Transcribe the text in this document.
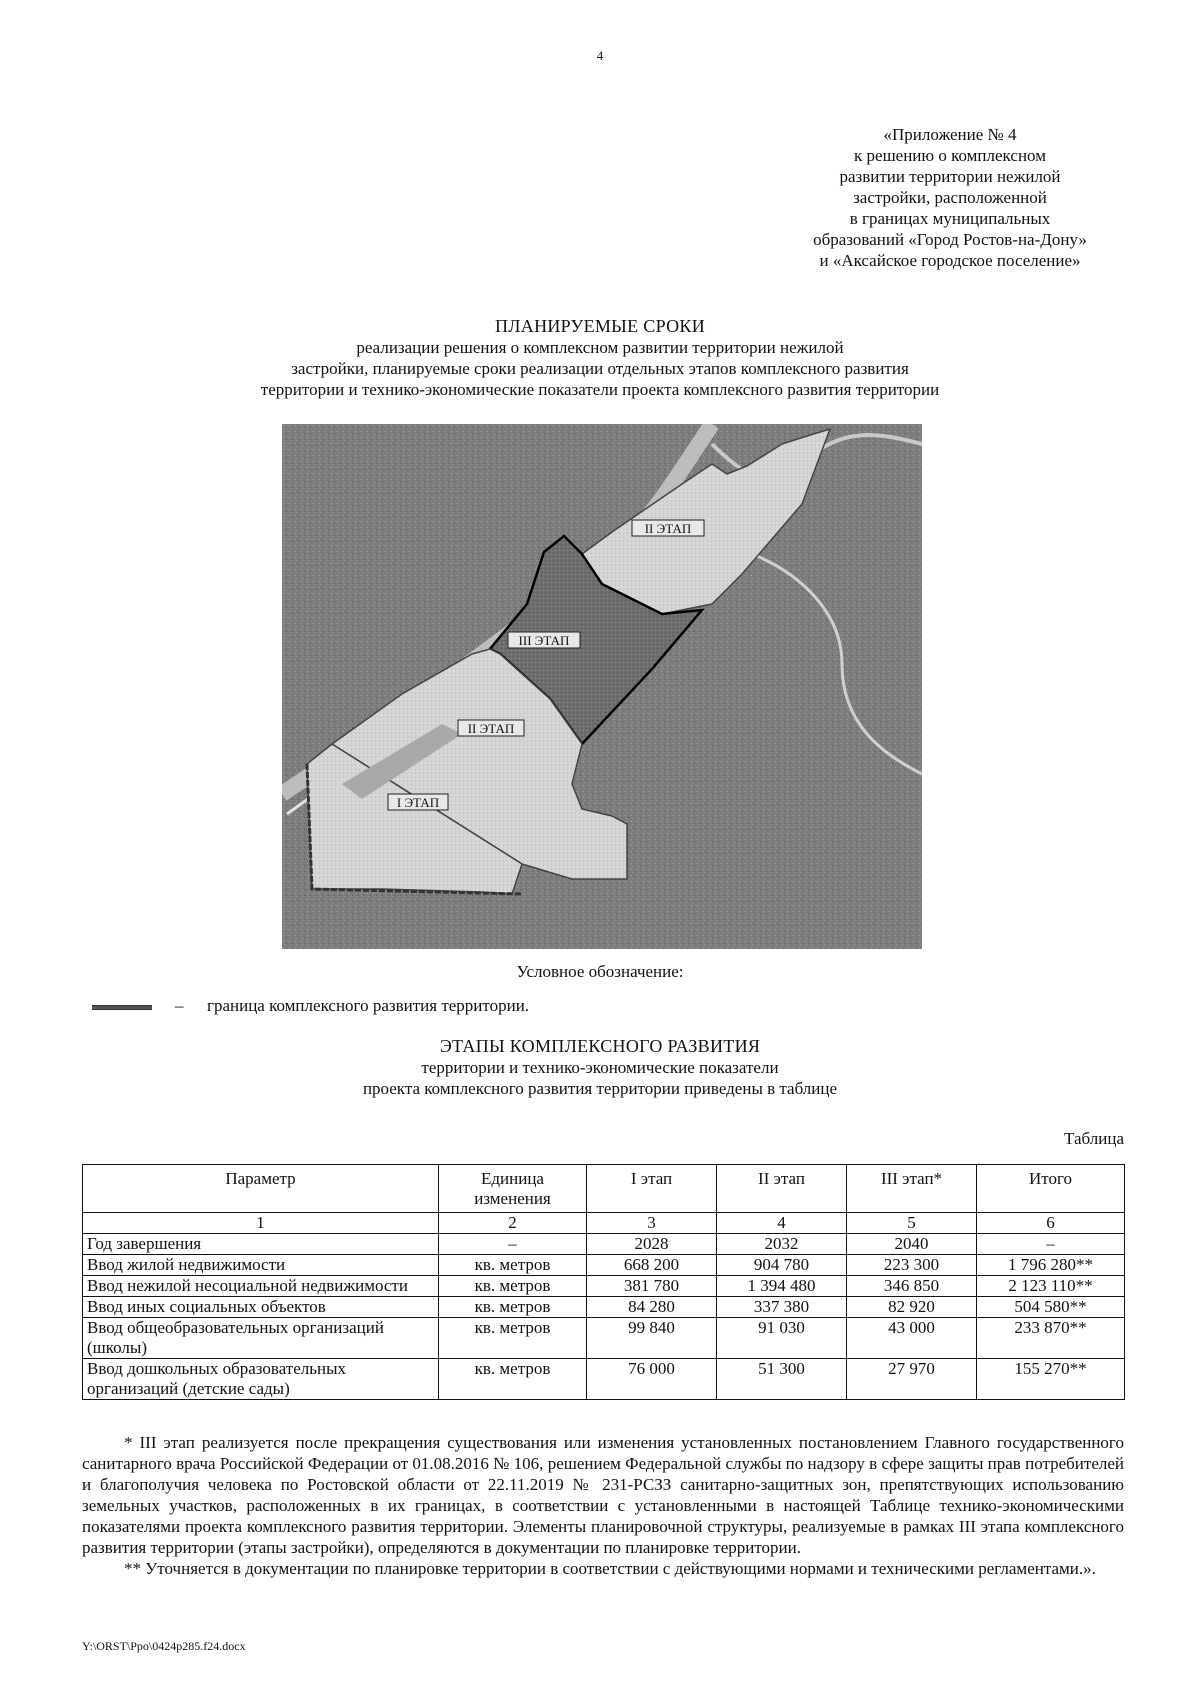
4
«Приложение № 4
к решению о комплексном
развитии территории нежилой
застройки, расположенной
в границах муниципальных
образований «Город Ростов-на-Дону»
и «Аксайское городское поселение»
ПЛАНИРУЕМЫЕ СРОКИ
реализации решения о комплексном развитии территории нежилой
застройки, планируемые сроки реализации отдельных этапов комплексного развития
территории и технико-экономические показатели проекта комплексного развития территории
II ЭТАП
III ЭТАП
II ЭТАП
I ЭТАП
Условное обозначение:
– граница комплексного развития территории.
ЭТАПЫ КОМПЛЕКСНОГО РАЗВИТИЯ
территории и технико-экономические показатели
проекта комплексного развития территории приведены в таблице
Таблица
Параметр	Единица изменения	I этап	II этап	III этап*	Итого
1	2	3	4	5	6
Год завершения	–	2028	2032	2040	–
Ввод жилой недвижимости	кв. метров	668 200	904 780	223 300	1 796 280**
Ввод нежилой несоциальной недвижимости	кв. метров	381 780	1 394 480	346 850	2 123 110**
Ввод иных социальных объектов	кв. метров	84 280	337 380	82 920	504 580**
Ввод общеобразовательных организаций (школы)	кв. метров	99 840	91 030	43 000	233 870**
Ввод дошкольных образовательных организаций (детские сады)	кв. метров	76 000	51 300	27 970	155 270**

* III этап реализуется после прекращения существования или изменения установленных постановлением Главного государственного санитарного врача Российской Федерации от 01.08.2016 № 106, решением Федеральной службы по надзору в сфере защиты прав потребителей и благополучия человека по Ростовской области от 22.11.2019 № 231-РСЗЗ санитарно-защитных зон, препятствующих использованию земельных участков, расположенных в их границах, в соответствии с установленными в настоящей Таблице технико-экономическими показателями проекта комплексного развития территории. Элементы планировочной структуры, реализуемые в рамках III этапа комплексного развития территории (этапы застройки), определяются в документации по планировке территории.

** Уточняется в документации по планировке территории в соответствии с действующими нормами и техническими регламентами.».

Y:\ORST\Ppo\0424p285.f24.docx
